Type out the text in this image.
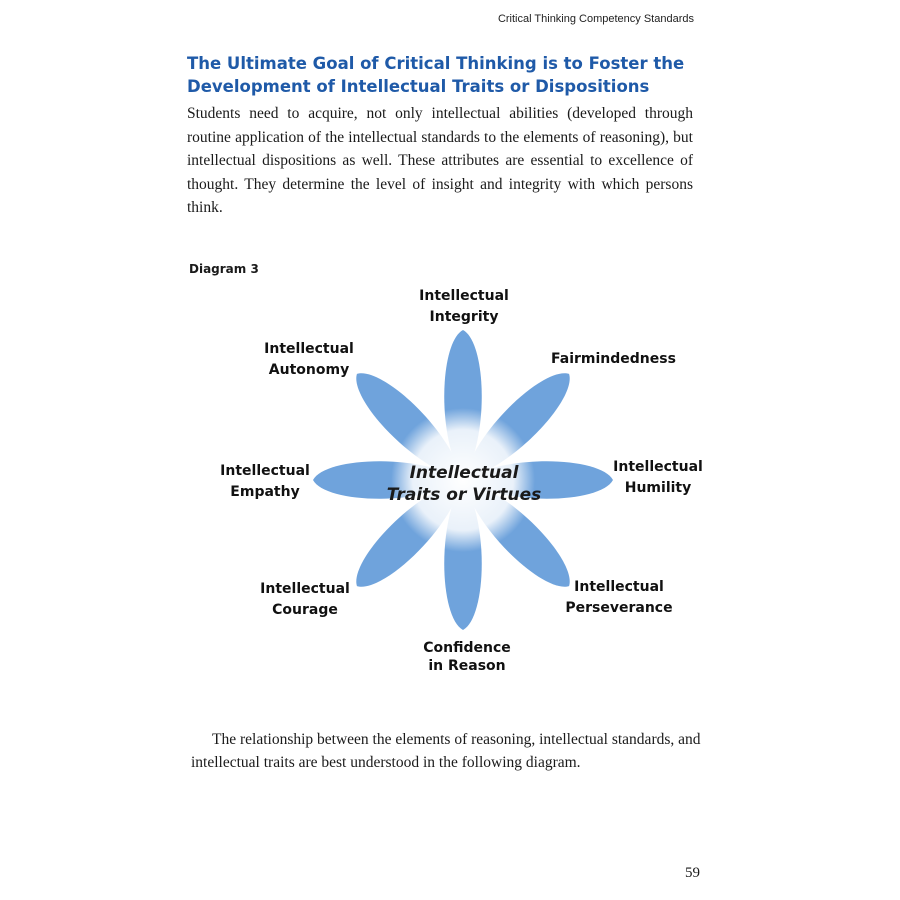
Critical Thinking Competency Standards
The Ultimate Goal of Critical Thinking is to Foster the Development of Intellectual Traits or Dispositions

Students need to acquire, not only intellectual abilities (developed through routine application of the intellectual standards to the elements of reasoning), but intellectual dispositions as well. These attributes are essential to excellence of thought. They determine the level of insight and integrity with which persons think.

Diagram 3
Intellectual
Traits or Virtues
Intellectual
Integrity
Fairmindedness
Intellectual
Humility
Intellectual
Perseverance
Confidence
in Reason
Intellectual
Courage
Intellectual
Empathy
Intellectual
Autonomy

The relationship between the elements of reasoning, intellectual standards, and intellectual traits are best understood in the following diagram.

59
